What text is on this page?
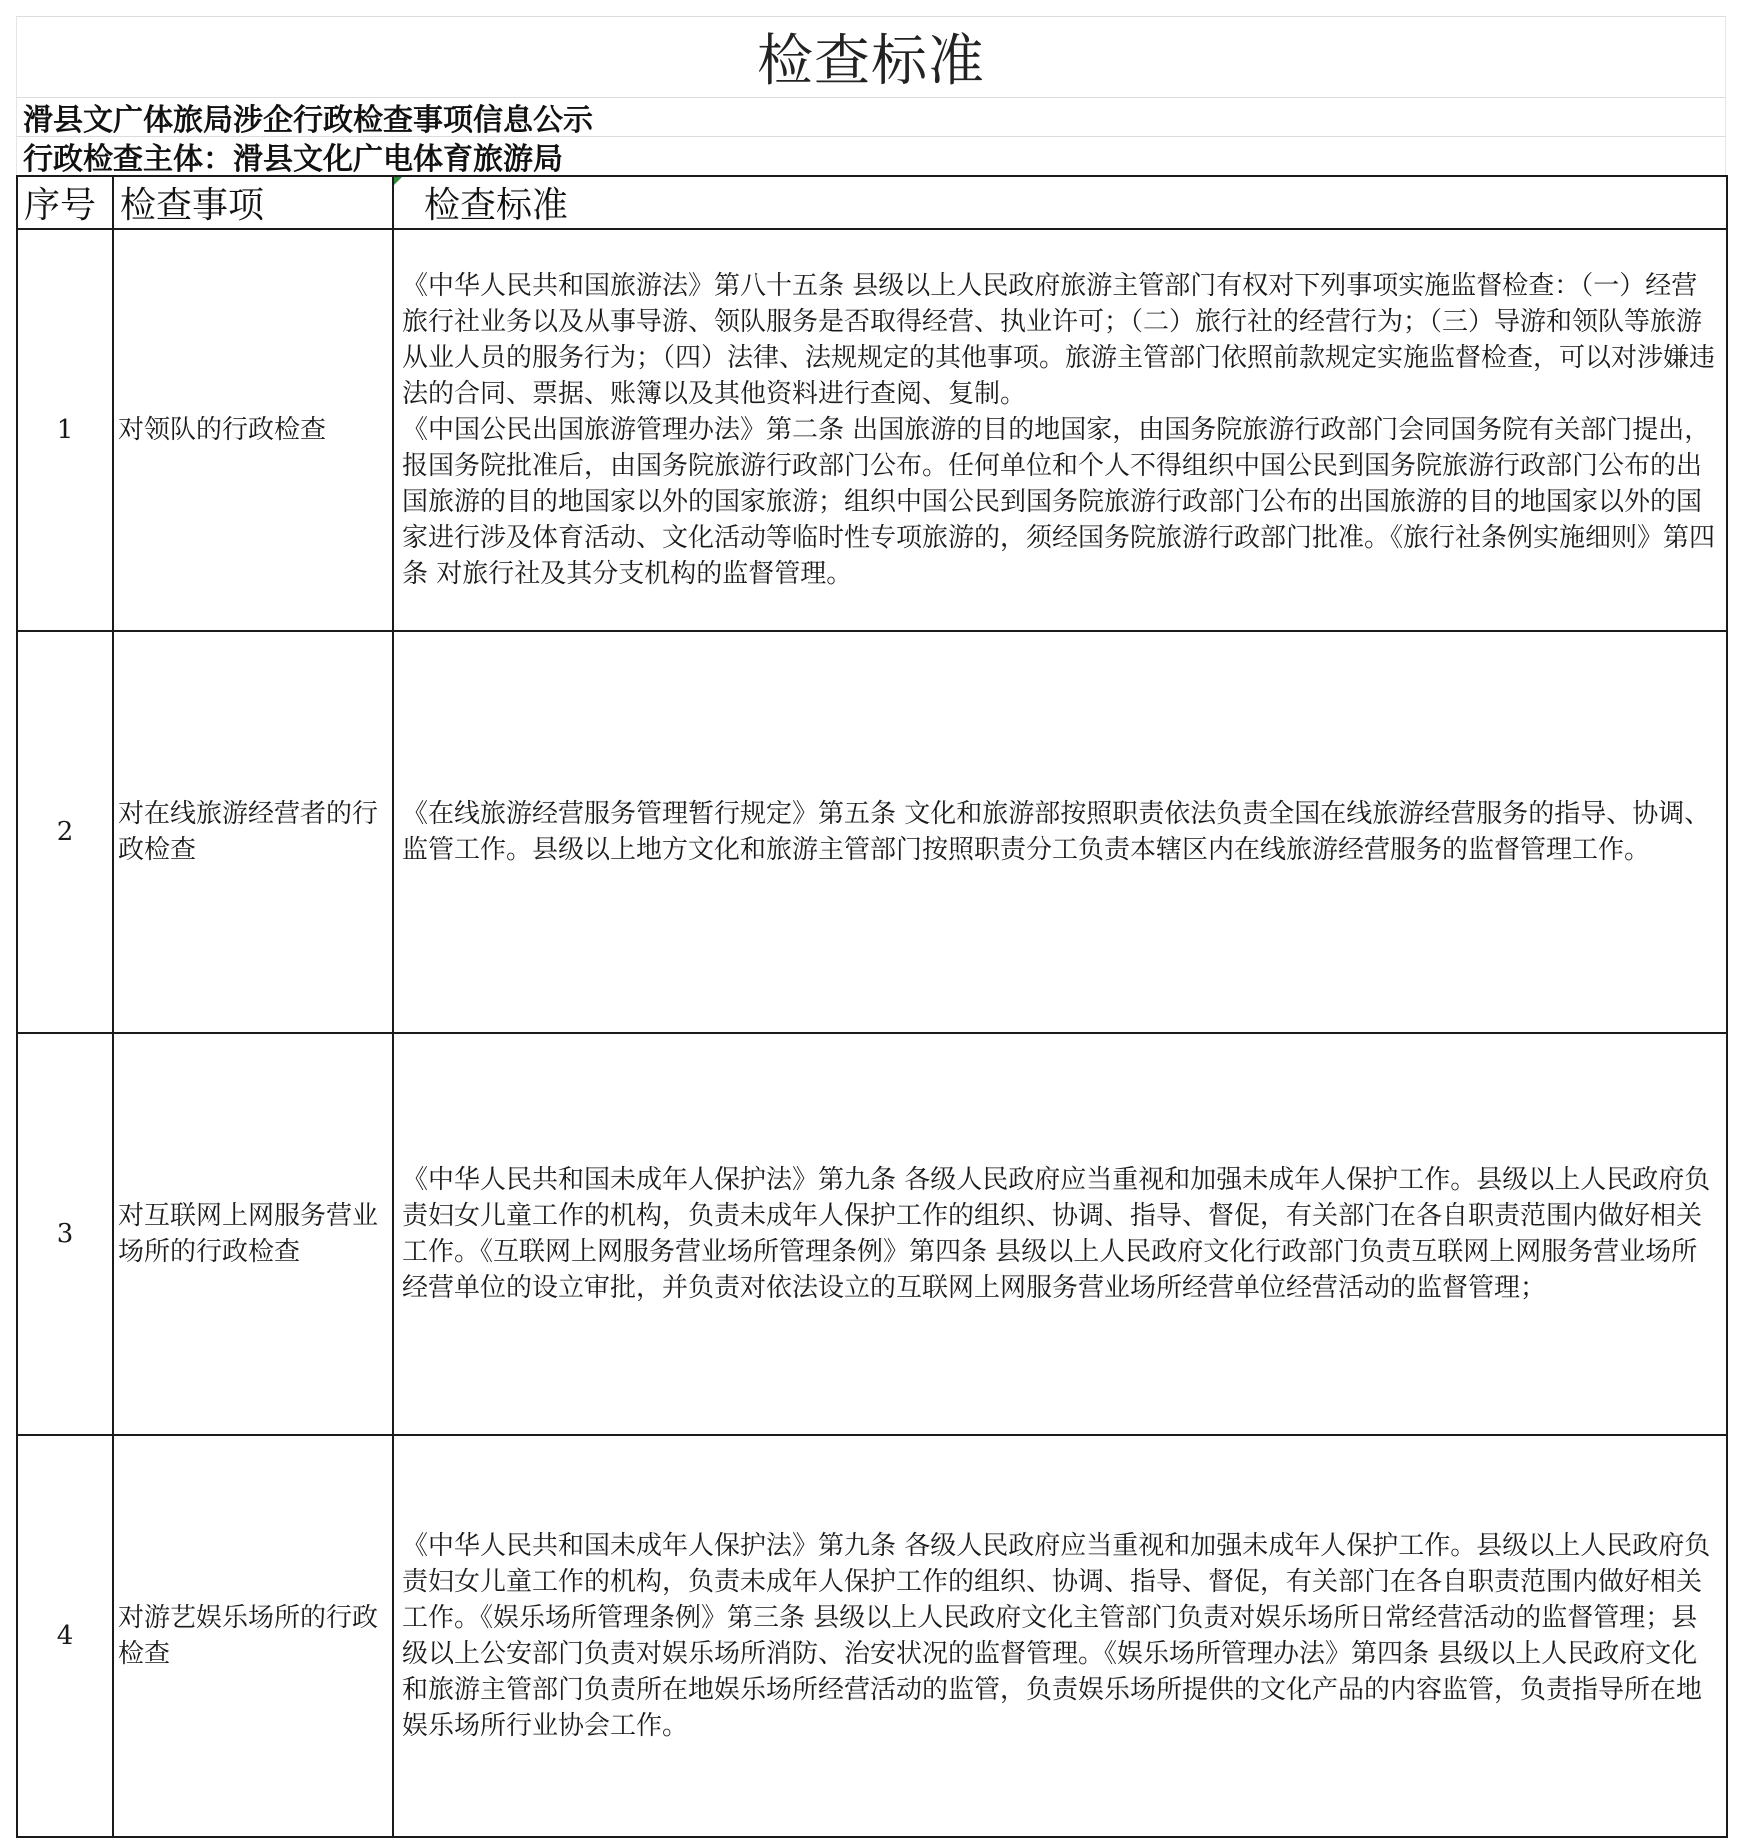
检查标准
滑县文广体旅局涉企行政检查事项信息公示
行政检查主体：滑县文化广电体育旅游局
序号	检查事项	检查标准
1	对领队的行政检查	《中华人民共和国旅游法》第八十五条 县级以上人民政府旅游主管部门有权对下列事项实施监督检查：（一）经营旅行社业务以及从事导游、领队服务是否取得经营、执业许可；（二）旅行社的经营行为；（三）导游和领队等旅游从业人员的服务行为；（四）法律、法规规定的其他事项。旅游主管部门依照前款规定实施监督检查，可以对涉嫌违法的合同、票据、账簿以及其他资料进行查阅、复制。

《中国公民出国旅游管理办法》第二条 出国旅游的目的地国家，由国务院旅游行政部门会同国务院有关部门提出，报国务院批准后，由国务院旅游行政部门公布。任何单位和个人不得组织中国公民到国务院旅游行政部门公布的出国旅游的目的地国家以外的国家旅游；组织中国公民到国务院旅游行政部门公布的出国旅游的目的地国家以外的国家进行涉及体育活动、文化活动等临时性专项旅游的，须经国务院旅游行政部门批准。《旅行社条例实施细则》第四条 对旅行社及其分支机构的监督管理。

2	对在线旅游经营者的行政检查	《在线旅游经营服务管理暂行规定》第五条 文化和旅游部按照职责依法负责全国在线旅游经营服务的指导、协调、监管工作。县级以上地方文化和旅游主管部门按照职责分工负责本辖区内在线旅游经营服务的监督管理工作。

3	对互联网上网服务营业场所的行政检查	《中华人民共和国未成年人保护法》第九条 各级人民政府应当重视和加强未成年人保护工作。县级以上人民政府负责妇女儿童工作的机构，负责未成年人保护工作的组织、协调、指导、督促，有关部门在各自职责范围内做好相关工作。《互联网上网服务营业场所管理条例》第四条 县级以上人民政府文化行政部门负责互联网上网服务营业场所经营单位的设立审批，并负责对依法设立的互联网上网服务营业场所经营单位经营活动的监督管理；

4	对游艺娱乐场所的行政检查	《中华人民共和国未成年人保护法》第九条 各级人民政府应当重视和加强未成年人保护工作。县级以上人民政府负责妇女儿童工作的机构，负责未成年人保护工作的组织、协调、指导、督促，有关部门在各自职责范围内做好相关工作。《娱乐场所管理条例》第三条 县级以上人民政府文化主管部门负责对娱乐场所日常经营活动的监督管理；县级以上公安部门负责对娱乐场所消防、治安状况的监督管理。《娱乐场所管理办法》第四条 县级以上人民政府文化和旅游主管部门负责所在地娱乐场所经营活动的监管，负责娱乐场所提供的文化产品的内容监管，负责指导所在地娱乐场所行业协会工作。
